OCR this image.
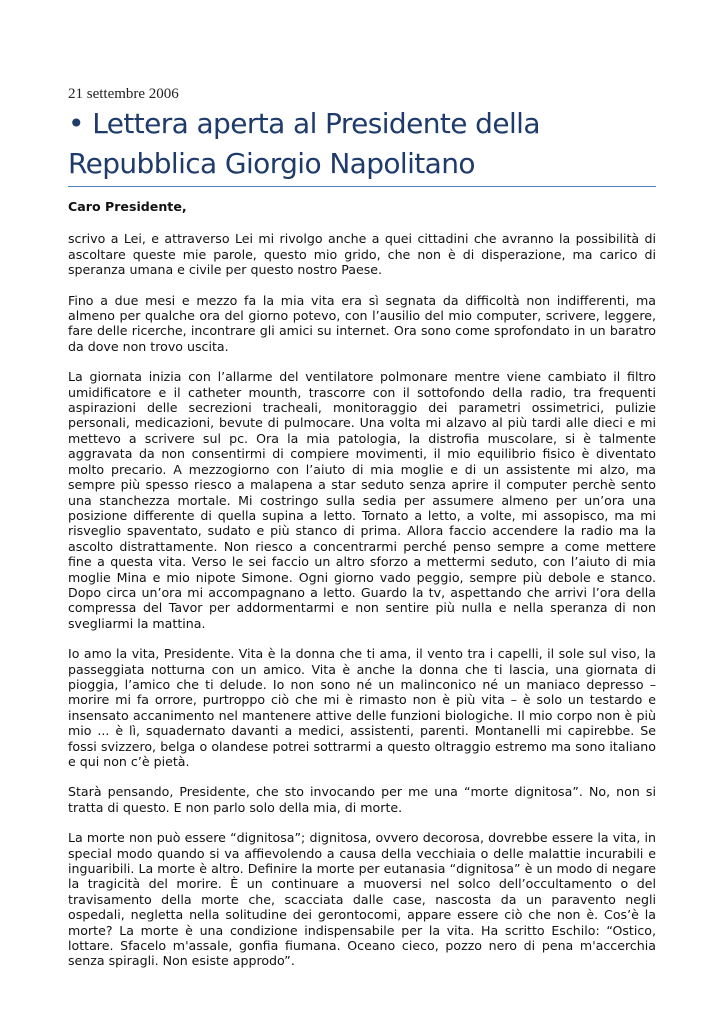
21 settembre 2006
• Lettera aperta al Presidente della Repubblica Giorgio Napolitano

Caro Presidente,

scrivo a Lei, e attraverso Lei mi rivolgo anche a quei cittadini che avranno la possibilità di ascoltare queste mie parole, questo mio grido, che non è di disperazione, ma carico di speranza umana e civile per questo nostro Paese.

Fino a due mesi e mezzo fa la mia vita era sì segnata da difficoltà non indifferenti, ma almeno per qualche ora del giorno potevo, con l’ausilio del mio computer, scrivere, leggere, fare delle ricerche, incontrare gli amici su internet. Ora sono come sprofondato in un baratro da dove non trovo uscita.

La giornata inizia con l’allarme del ventilatore polmonare mentre viene cambiato il filtro umidificatore e il catheter mounth, trascorre con il sottofondo della radio, tra frequenti aspirazioni delle secrezioni tracheali, monitoraggio dei parametri ossimetrici, pulizie personali, medicazioni, bevute di pulmocare. Una volta mi alzavo al più tardi alle dieci e mi mettevo a scrivere sul pc. Ora la mia patologia, la distrofia muscolare, si è talmente aggravata da non consentirmi di compiere movimenti, il mio equilibrio fisico è diventato molto precario. A mezzogiorno con l’aiuto di mia moglie e di un assistente mi alzo, ma sempre più spesso riesco a malapena a star seduto senza aprire il computer perchè sento una stanchezza mortale. Mi costringo sulla sedia per assumere almeno per un’ora una posizione differente di quella supina a letto. Tornato a letto, a volte, mi assopisco, ma mi risveglio spaventato, sudato e più stanco di prima. Allora faccio accendere la radio ma la ascolto distrattamente. Non riesco a concentrarmi perché penso sempre a come mettere fine a questa vita. Verso le sei faccio un altro sforzo a mettermi seduto, con l’aiuto di mia moglie Mina e mio nipote Simone. Ogni giorno vado peggio, sempre più debole e stanco. Dopo circa un’ora mi accompagnano a letto. Guardo la tv, aspettando che arrivi l’ora della compressa del Tavor per addormentarmi e non sentire più nulla e nella speranza di non svegliarmi la mattina.

Io amo la vita, Presidente. Vita è la donna che ti ama, il vento tra i capelli, il sole sul viso, la passeggiata notturna con un amico. Vita è anche la donna che ti lascia, una giornata di pioggia, l’amico che ti delude. Io non sono né un malinconico né un maniaco depresso – morire mi fa orrore, purtroppo ciò che mi è rimasto non è più vita – è solo un testardo e insensato accanimento nel mantenere attive delle funzioni biologiche. Il mio corpo non è più mio ... è lì, squadernato davanti a medici, assistenti, parenti. Montanelli mi capirebbe. Se fossi svizzero, belga o olandese potrei sottrarmi a questo oltraggio estremo ma sono italiano e qui non c’è pietà.

Starà pensando, Presidente, che sto invocando per me una “morte dignitosa”. No, non si tratta di questo. E non parlo solo della mia, di morte.

La morte non può essere “dignitosa”; dignitosa, ovvero decorosa, dovrebbe essere la vita, in special modo quando si va affievolendo a causa della vecchiaia o delle malattie incurabili e inguaribili. La morte è altro. Definire la morte per eutanasia “dignitosa” è un modo di negare la tragicità del morire. È un continuare a muoversi nel solco dell’occultamento o del travisamento della morte che, scacciata dalle case, nascosta da un paravento negli ospedali, negletta nella solitudine dei gerontocomi, appare essere ciò che non è. Cos’è la morte? La morte è una condizione indispensabile per la vita. Ha scritto Eschilo: “Ostico, lottare. Sfacelo m'assale, gonfia fiumana. Oceano cieco, pozzo nero di pena m'accerchia senza spiragli. Non esiste approdo”.
